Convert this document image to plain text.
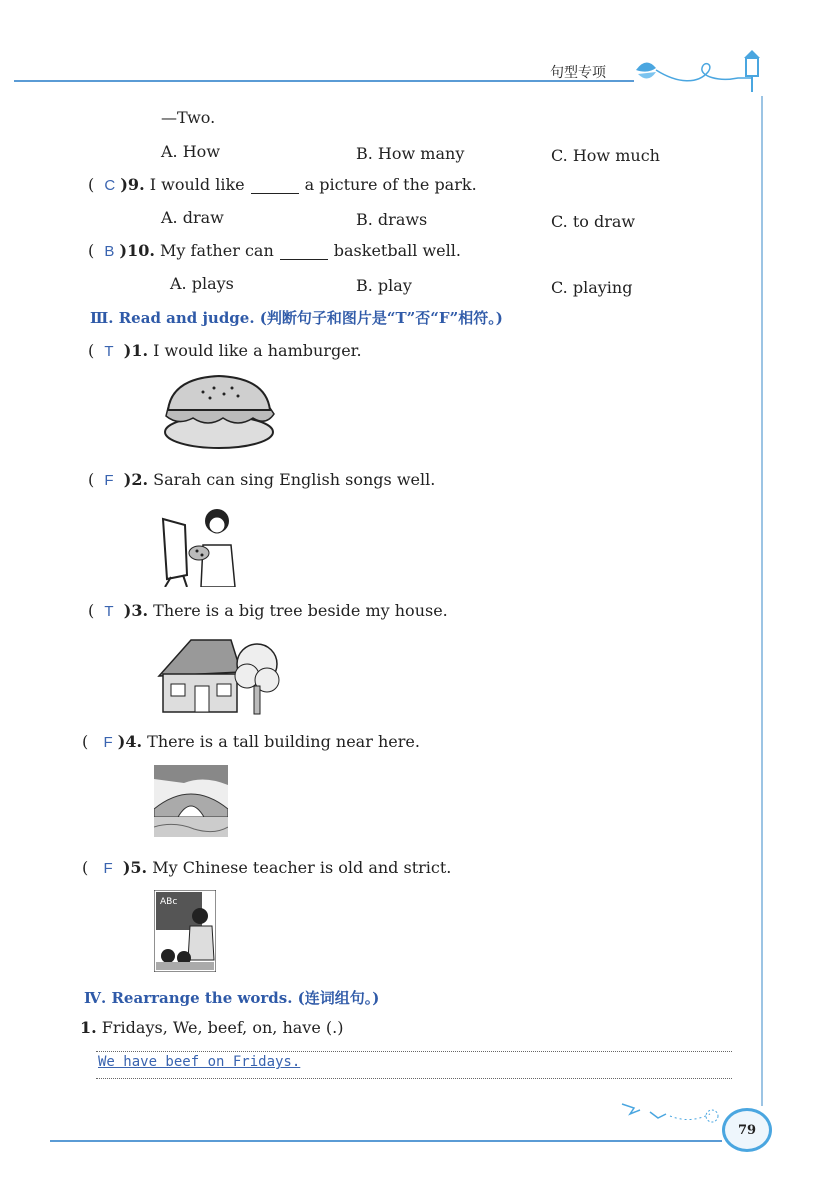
句型专项
—Two.
A. How	B. How many	C. How much
(  C )9. I would like	a picture of the park.
A. draw	B. draws	C. to draw
(  B )10. My father can	basketball well.
A. plays	B. play	C. playing
Ⅲ. Read and judge. (判断句子和图片是“T”否“F”相符。)
(  T )1. I would like a hamburger.
(  F )2. Sarah can sing English songs well.
(  T )3. There is a big tree beside my house.
(   F )4. There is a tall building near here.
(   F )5. My Chinese teacher is old and strict.
ABc
Ⅳ. Rearrange the words. (连词组句。)
1. Fridays, We, beef, on, have (.)
We have beef on Fridays.
79
